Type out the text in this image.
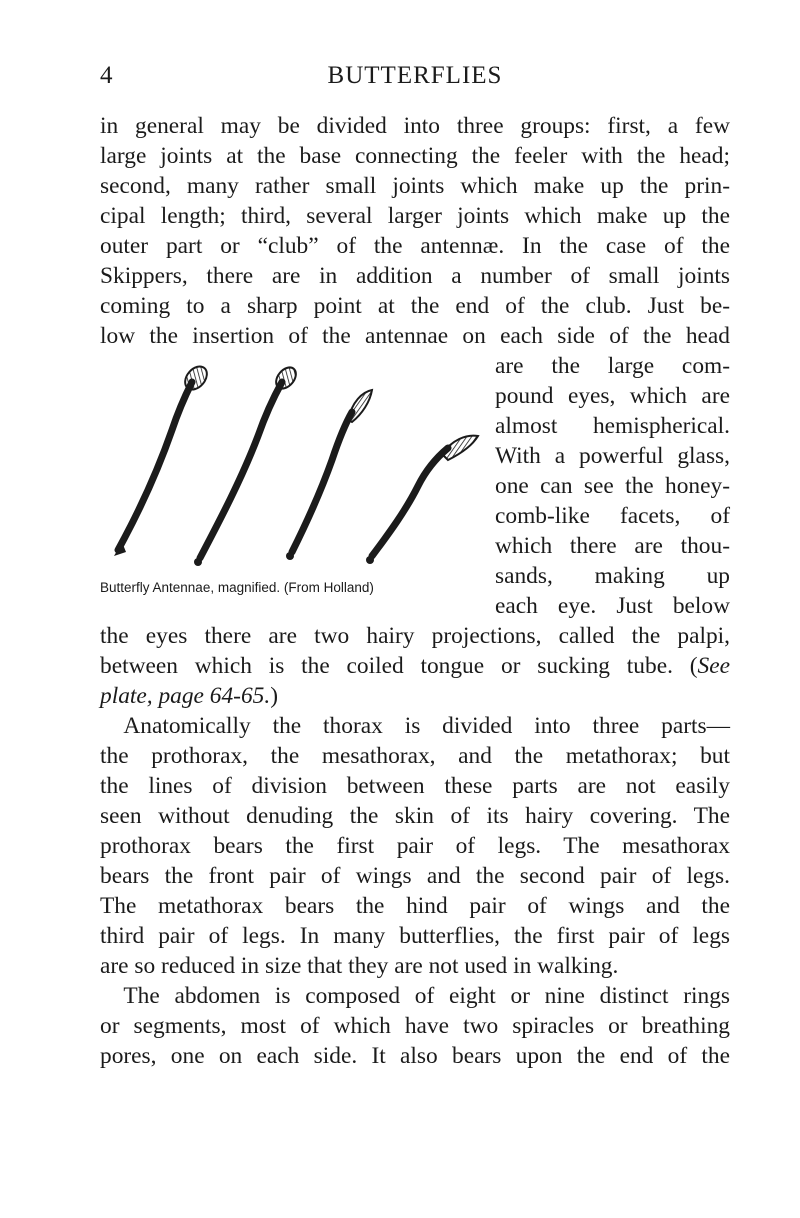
4	BUTTERFLIES
in general may be divided into three groups: first, a few
large joints at the base connecting the feeler with the head;
second, many rather small joints which make up the prin-
cipal length; third, several larger joints which make up the
outer part or “club” of the antennæ. In the case of the
Skippers, there are in addition a number of small joints
coming to a sharp point at the end of the club. Just be-
low the insertion of the antennae on each side of the head
Butterfly Antennae, magnified. (From Holland)
are the large com-
pound eyes, which are
almost hemispherical.
With a powerful glass,
one can see the honey-
comb-like facets, of
which there are thou-
sands, making up
each eye. Just below
the eyes there are two hairy projections, called the palpi,
between which is the coiled tongue or sucking tube. (See
plate, page 64-65.)
 Anatomically the thorax is divided into three parts—
the prothorax, the mesathorax, and the metathorax; but
the lines of division between these parts are not easily
seen without denuding the skin of its hairy covering. The
prothorax bears the first pair of legs. The mesathorax
bears the front pair of wings and the second pair of legs.
The metathorax bears the hind pair of wings and the
third pair of legs. In many butterflies, the first pair of legs
are so reduced in size that they are not used in walking.
 The abdomen is composed of eight or nine distinct rings
or segments, most of which have two spiracles or breathing
pores, one on each side. It also bears upon the end of the
